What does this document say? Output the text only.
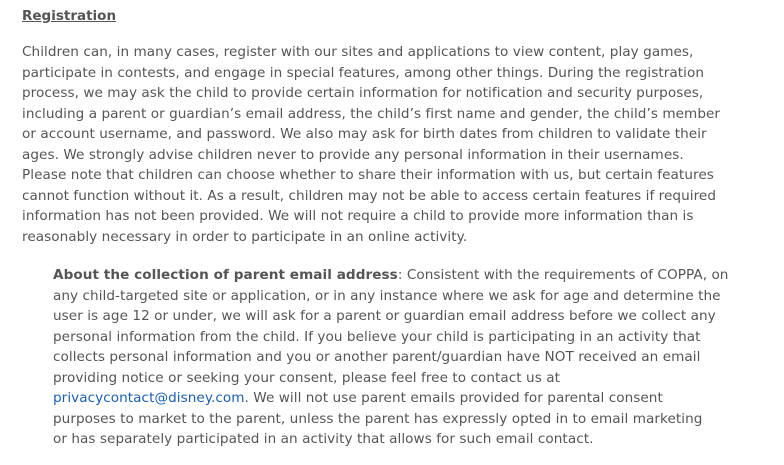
Registration
Children can, in many cases, register with our sites and applications to view content, play games,
participate in contests, and engage in special features, among other things. During the registration
process, we may ask the child to provide certain information for notification and security purposes,
including a parent or guardian’s email address, the child’s first name and gender, the child’s member
or account username, and password. We also may ask for birth dates from children to validate their
ages. We strongly advise children never to provide any personal information in their usernames.
Please note that children can choose whether to share their information with us, but certain features
cannot function without it. As a result, children may not be able to access certain features if required
information has not been provided. We will not require a child to provide more information than is
reasonably necessary in order to participate in an online activity.
About the collection of parent email address: Consistent with the requirements of COPPA, on
any child-targeted site or application, or in any instance where we ask for age and determine the
user is age 12 or under, we will ask for a parent or guardian email address before we collect any
personal information from the child. If you believe your child is participating in an activity that
collects personal information and you or another parent/guardian have NOT received an email
providing notice or seeking your consent, please feel free to contact us at
privacycontact@disney.com. We will not use parent emails provided for parental consent
purposes to market to the parent, unless the parent has expressly opted in to email marketing
or has separately participated in an activity that allows for such email contact.
